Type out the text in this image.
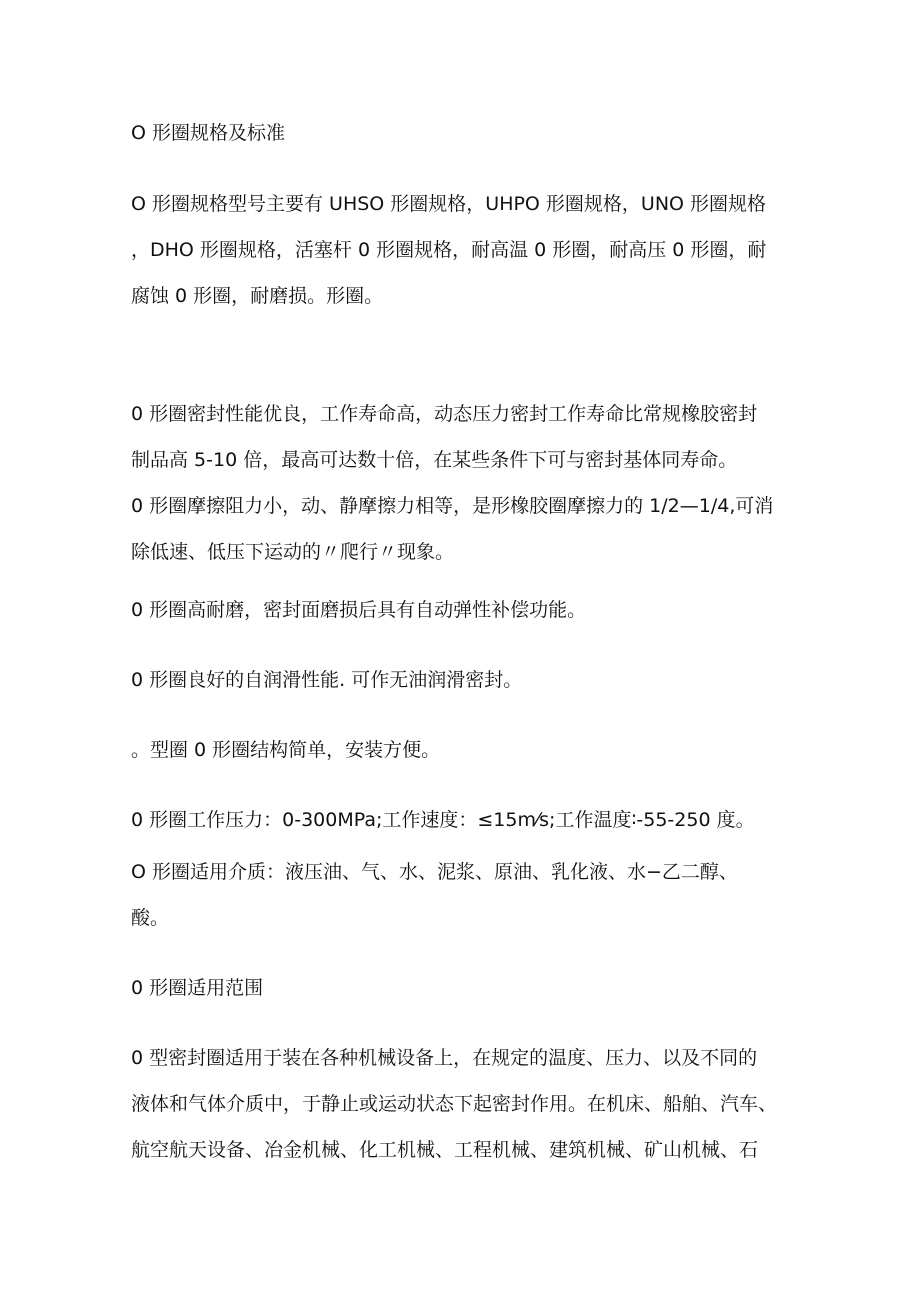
O 形圈规格及标准
O 形圈规格型号主要有 UHSO 形圈规格，UHPO 形圈规格，UNO 形圈规格
，DHO 形圈规格，活塞杆 0 形圈规格，耐高温 0 形圈，耐高压 0 形圈，耐
腐蚀 0 形圈，耐磨损。形圈。
0 形圈密封性能优良，工作寿命高，动态压力密封工作寿命比常规橡胶密封
制品高 5-10 倍，最高可达数十倍，在某些条件下可与密封基体同寿命。
0 形圈摩擦阻力小，动、静摩擦力相等，是形橡胶圈摩擦力的 1/2—1/4,可消
除低速、低压下运动的〃爬行〃现象。
0 形圈高耐磨，密封面磨损后具有自动弹性补偿功能。
0 形圈良好的自润滑性能. 可作无油润滑密封。
。型圈 0 形圈结构简单，安装方便。
0 形圈工作压力：0-300MPa;工作速度：≤15m⁄s;工作温度∶-55-250 度。
O 形圈适用介质：液压油、气、水、泥浆、原油、乳化液、水−乙二醇、
酸。
0 形圈适用范围
0 型密封圈适用于装在各种机械设备上，在规定的温度、压力、以及不同的
液体和气体介质中，于静止或运动状态下起密封作用。在机床、船舶、汽车、
航空航天设备、冶金机械、化工机械、工程机械、建筑机械、矿山机械、石
